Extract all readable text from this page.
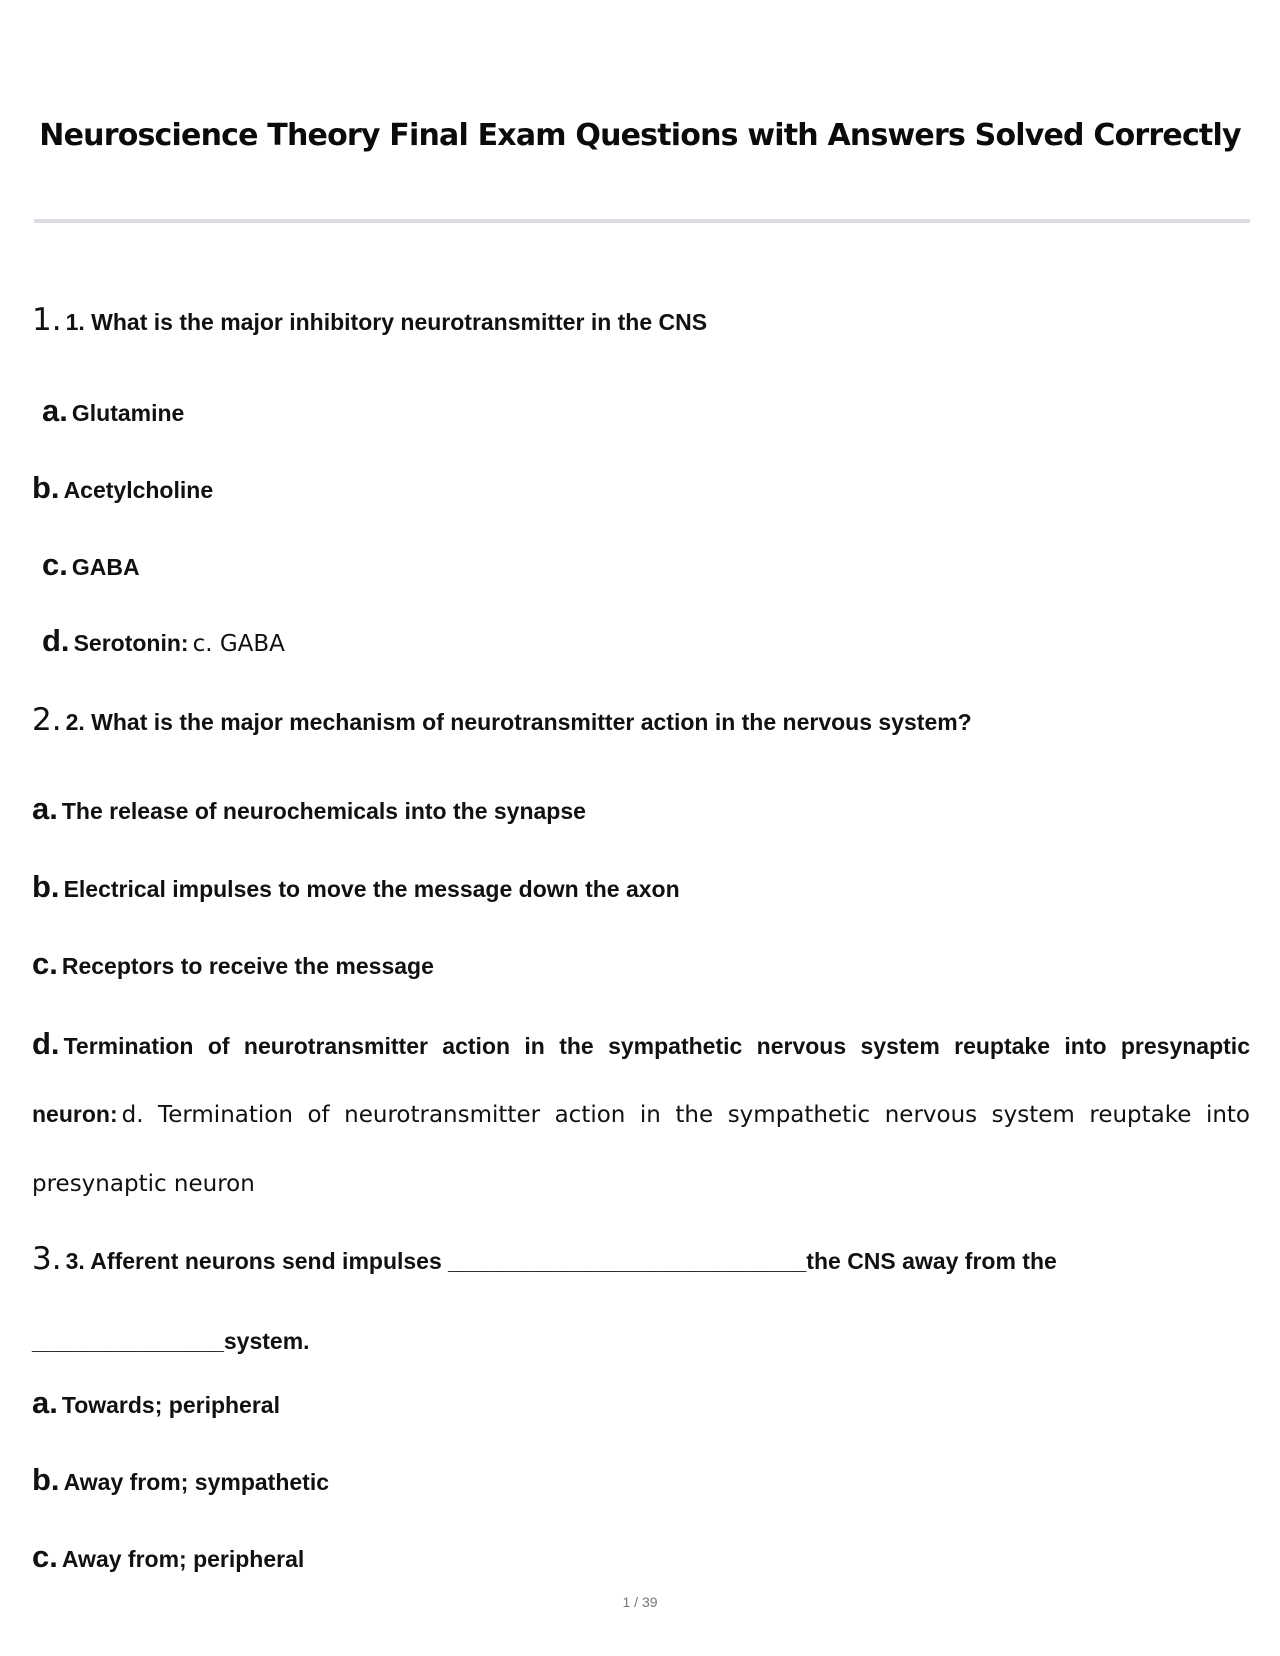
Neuroscience Theory Final Exam Questions with Answers Solved Correctly
1. 1. What is the major inhibitory neurotransmitter in the CNS
a. Glutamine
b. Acetylcholine
c. GABA
d. Serotonin: c. GABA
2. 2. What is the major mechanism of neurotransmitter action in the nervous system?
a. The release of neurochemicals into the synapse
b. Electrical impulses to move the message down the axon
c. Receptors to receive the message
d. Termination of neurotransmitter action in the sympathetic nervous system reuptake into presynaptic neuron: d. Termination of neurotransmitter action in the sympathetic nervous system reuptake into presynaptic neuron
3. 3. Afferent neurons send impulses ____________________________the CNS away from the
_______________system.
a. Towards; peripheral
b. Away from; sympathetic
c. Away from; peripheral
1 / 39
